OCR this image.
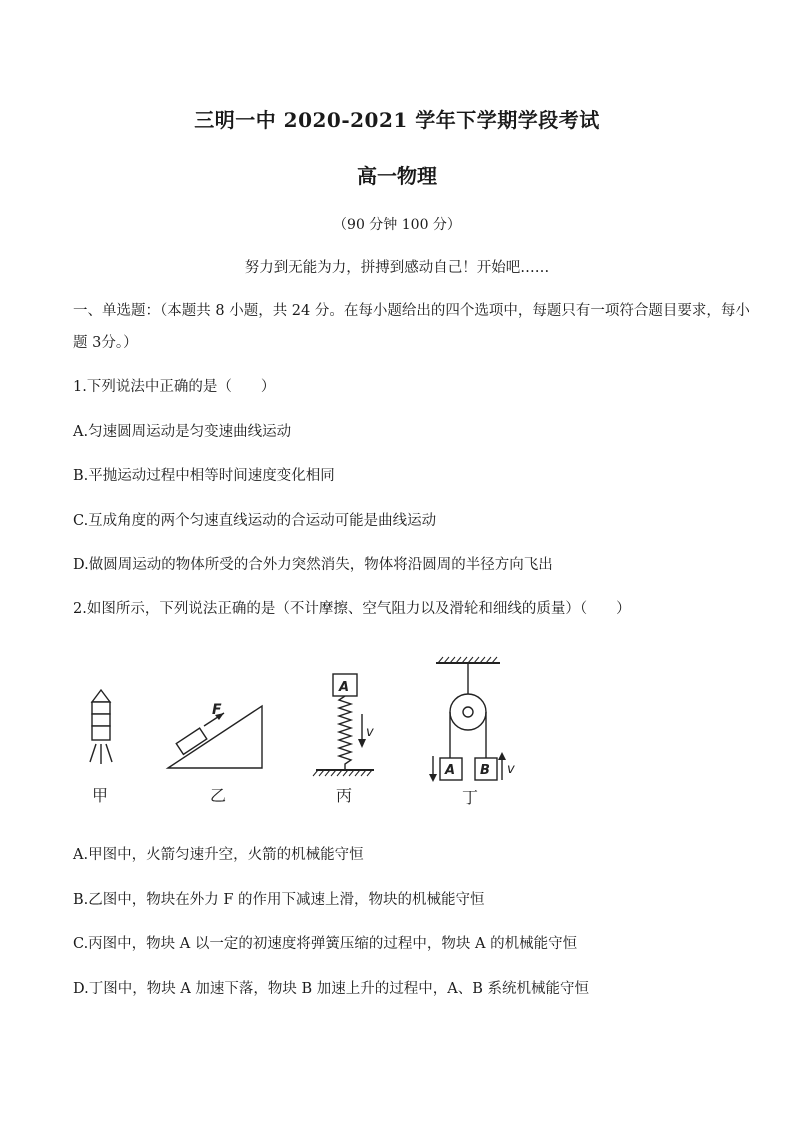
三明一中 2020-2021 学年下学期学段考试
高一物理
（90 分钟 100 分）
努力到无能为力，拼搏到感动自己！开始吧……
一、单选题：（本题共 8 小题，共 24 分。在每小题给出的四个选项中，每题只有一项符合题目要求，每小
题 3分。）
1.下列说法中正确的是（　　）
A.匀速圆周运动是匀变速曲线运动
B.平抛运动过程中相等时间速度变化相同
C.互成角度的两个匀速直线运动的合运动可能是曲线运动
D.做圆周运动的物体所受的合外力突然消失，物体将沿圆周的半径方向飞出
2.如图所示，下列说法正确的是（不计摩擦、空气阻力以及滑轮和细线的质量）（　　）
甲
F
乙
A
v
丙
A B v
丁
A.甲图中，火箭匀速升空，火箭的机械能守恒
B.乙图中，物块在外力 F 的作用下减速上滑，物块的机械能守恒
C.丙图中，物块 A 以一定的初速度将弹簧压缩的过程中，物块 A 的机械能守恒
D.丁图中，物块 A 加速下落，物块 B 加速上升的过程中，A、B 系统机械能守恒
